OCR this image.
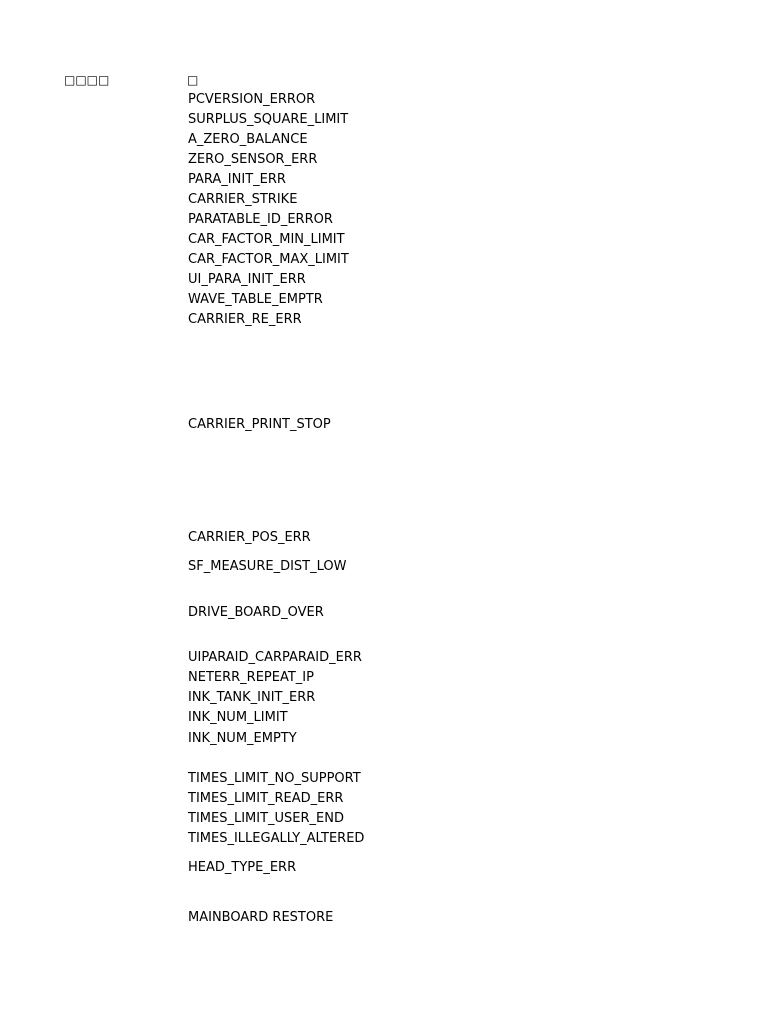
□□□□	□
PCVERSION_ERROR
SURPLUS_SQUARE_LIMIT
A_ZERO_BALANCE
ZERO_SENSOR_ERR
PARA_INIT_ERR
CARRIER_STRIKE
PARATABLE_ID_ERROR
CAR_FACTOR_MIN_LIMIT
CAR_FACTOR_MAX_LIMIT
UI_PARA_INIT_ERR
WAVE_TABLE_EMPTR
CARRIER_RE_ERR
CARRIER_PRINT_STOP
CARRIER_POS_ERR
SF_MEASURE_DIST_LOW
DRIVE_BOARD_OVER
UIPARAID_CARPARAID_ERR
NETERR_REPEAT_IP
INK_TANK_INIT_ERR
INK_NUM_LIMIT
INK_NUM_EMPTY
TIMES_LIMIT_NO_SUPPORT
TIMES_LIMIT_READ_ERR
TIMES_LIMIT_USER_END
TIMES_ILLEGALLY_ALTERED
HEAD_TYPE_ERR
MAINBOARD RESTORE
